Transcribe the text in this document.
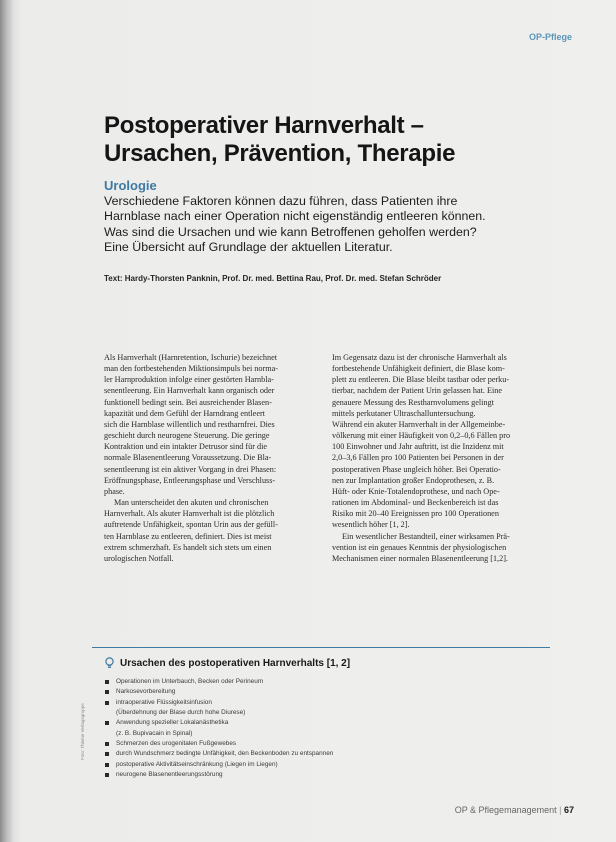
OP-Pflege
Postoperativer Harnverhalt –
Ursachen, Prävention, Therapie
Urologie

Verschiedene Faktoren können dazu führen, dass Patienten ihre
Harnblase nach einer Operation nicht eigenständig entleeren können.
Was sind die Ursachen und wie kann Betroffenen geholfen werden?
Eine Übersicht auf Grundlage der aktuellen Literatur.

Text: Hardy-Thorsten Panknin, Prof. Dr. med. Bettina Rau, Prof. Dr. med. Stefan Schröder

Als Harnverhalt (Harnretention, Ischurie) bezeichnet
man den fortbestehenden Miktionsimpuls bei norma-
ler Harnproduktion infolge einer gestörten Harnbla-
senentleerung. Ein Harnverhalt kann organisch oder
funktionell bedingt sein. Bei ausreichender Blasen-
kapazität und dem Gefühl der Harndrang entleert
sich die Harnblase willentlich und restharnfrei. Dies
geschieht durch neurogene Steuerung. Die geringe
Kontraktion und ein intakter Detrusor sind für die
normale Blasenentleerung Voraussetzung. Die Bla-
senentleerung ist ein aktiver Vorgang in drei Phasen:
Eröffnungsphase, Entleerungsphase und Verschluss-
phase.

Man unterscheidet den akuten und chronischen
Harnverhalt. Als akuter Harnverhalt ist die plötzlich
auftretende Unfähigkeit, spontan Urin aus der gefüll-
ten Harnblase zu entleeren, definiert. Dies ist meist
extrem schmerzhaft. Es handelt sich stets um einen
urologischen Notfall.

Im Gegensatz dazu ist der chronische Harnverhalt als
fortbestehende Unfähigkeit definiert, die Blase kom-
plett zu entleeren. Die Blase bleibt tastbar oder perku-
tierbar, nachdem der Patient Urin gelassen hat. Eine
genauere Messung des Restharnvolumens gelingt
mittels perkutaner Ultraschalluntersuchung.
Während ein akuter Harnverhalt in der Allgemeinbe-
völkerung mit einer Häufigkeit von 0,2–0,6 Fällen pro
100 Einwohner und Jahr auftritt, ist die Inzidenz mit
2,0–3,6 Fällen pro 100 Patienten bei Personen in der
postoperativen Phase ungleich höher. Bei Operatio-
nen zur Implantation großer Endoprothesen, z. B.
Hüft- oder Knie-Totalendoprothese, und nach Ope-
rationen im Abdominal- und Beckenbereich ist das
Risiko mit 20–40 Ereignissen pro 100 Operationen
wesentlich höher [1, 2].

Ein wesentlicher Bestandteil, einer wirksamen Prä-
vention ist ein genaues Kenntnis der physiologischen
Mechanismen einer normalen Blasenentleerung [1,2].

Ursachen des postoperativen Harnverhalts [1, 2]
Operationen im Unterbauch, Becken oder Perineum
Narkosevorbereitung
intraoperative Flüssigkeitsinfusion
(Überdehnung der Blase durch hohe Diurese)
Anwendung spezieller Lokalanästhetika
(z. B. Bupivacain in Spinal)
Schmerzen des urogenitalen Fußgewebes
durch Wundschmerz bedingte Unfähigkeit, den Beckenboden zu entspannen
postoperative Aktivitätseinschränkung (Liegen im Liegen)
neurogene Blasenentleerungsstörung
Foto: Thieme Verlagsgruppe
OP & Pflegemanagement | 67
